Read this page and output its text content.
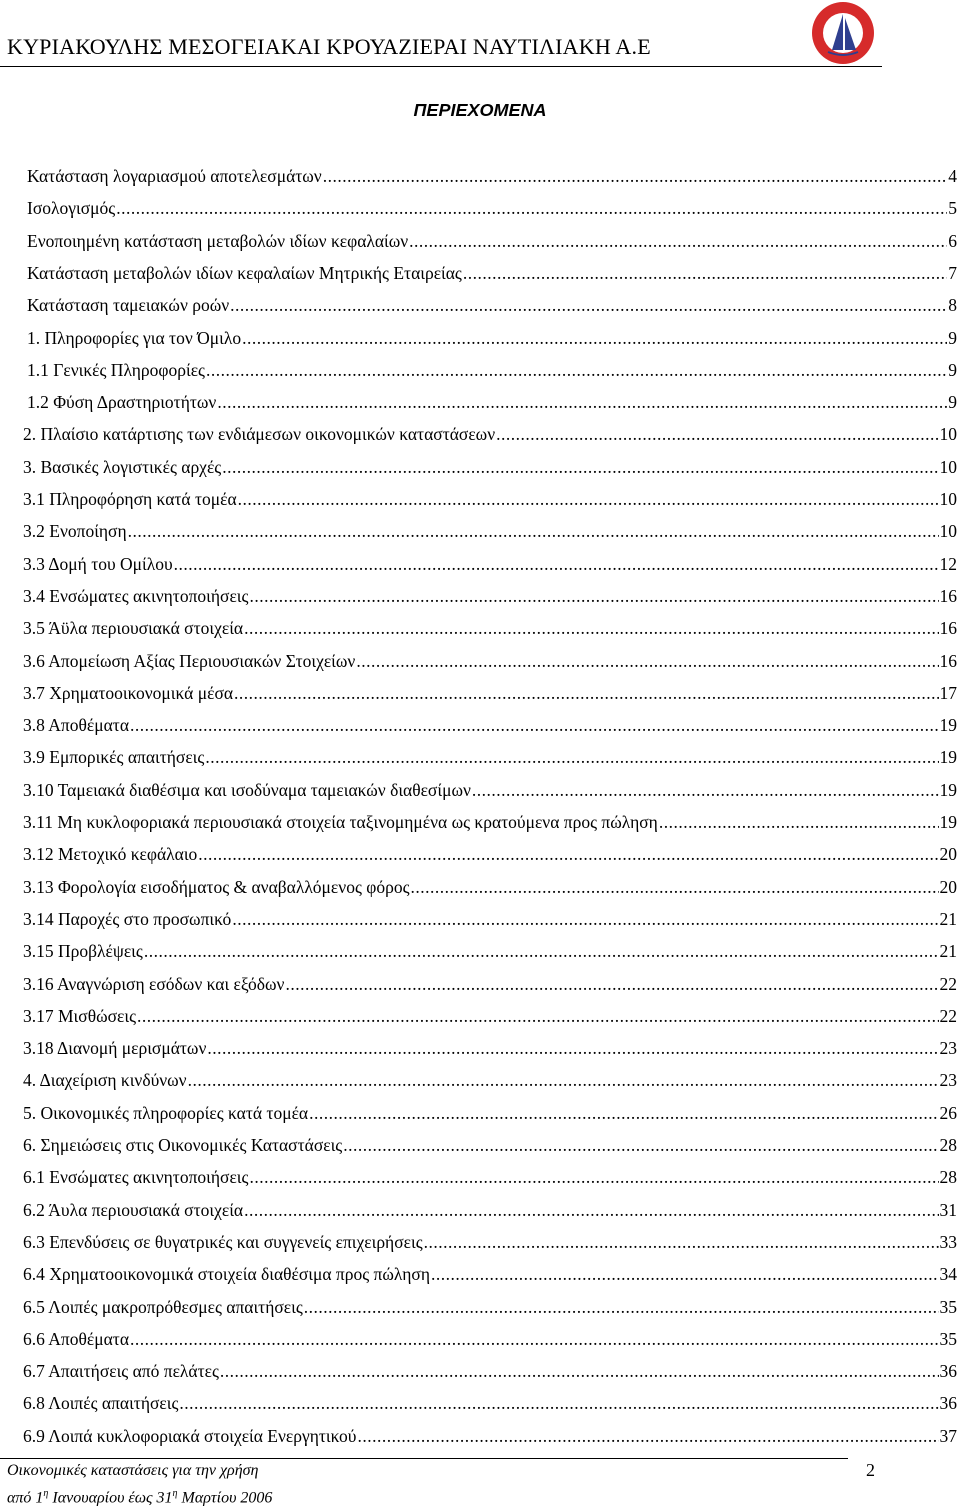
ΚΥΡΙΑΚΟΥΛΗΣ ΜΕΣΟΓΕΙΑΚΑΙ ΚΡΟΥΑΖΙΕΡΑΙ ΝΑΥΤΙΛΙΑΚΗ Α.Ε
ΠΕΡΙΕΧΟΜΕΝΑ
Κατάσταση λογαριασμού αποτελεσμάτων .....	4
Ισολογισμός .....	5
Ενοποιημένη κατάσταση μεταβολών ιδίων κεφαλαίων .....	6
Κατάσταση μεταβολών ιδίων κεφαλαίων Μητρικής Εταιρείας .....	7
Κατάσταση ταμειακών ροών .....	8
1. Πληροφορίες για τον Όμιλο .....	9
1.1 Γενικές Πληροφορίες .....	9
1.2 Φύση Δραστηριοτήτων .....	9
2. Πλαίσιο κατάρτισης των ενδιάμεσων οικονομικών καταστάσεων .....	10
3. Βασικές λογιστικές αρχές .....	10
3.1 Πληροφόρηση κατά τομέα .....	10
3.2 Ενοποίηση .....	10
3.3 Δομή του Ομίλου .....	12
3.4 Ενσώματες ακινητοποιήσεις .....	16
3.5 Άϋλα περιουσιακά στοιχεία .....	16
3.6 Απομείωση Αξίας Περιουσιακών Στοιχείων .....	16
3.7 Χρηματοοικονομικά μέσα .....	17
3.8 Αποθέματα .....	19
3.9 Εμπορικές απαιτήσεις .....	19
3.10 Ταμειακά διαθέσιμα και ισοδύναμα ταμειακών διαθεσίμων .....	19
3.11 Μη κυκλοφοριακά περιουσιακά στοιχεία ταξινομημένα ως κρατούμενα προς πώληση .....	19
3.12 Μετοχικό κεφάλαιο .....	20
3.13 Φορολογία εισοδήματος & αναβαλλόμενος φόρος .....	20
3.14 Παροχές στο προσωπικό .....	21
3.15 Προβλέψεις .....	21
3.16 Αναγνώριση εσόδων και εξόδων .....	22
3.17 Μισθώσεις .....	22
3.18 Διανομή μερισμάτων .....	23
4. Διαχείριση κινδύνων .....	23
5. Οικονομικές πληροφορίες κατά τομέα .....	26
6. Σημειώσεις στις Οικονομικές Καταστάσεις .....	28
6.1 Ενσώματες ακινητοποιήσεις .....	28
6.2 Άυλα περιουσιακά στοιχεία .....	31
6.3 Επενδύσεις σε θυγατρικές και συγγενείς επιχειρήσεις .....	33
6.4 Χρηματοοικονομικά στοιχεία διαθέσιμα προς πώληση .....	34
6.5 Λοιπές μακροπρόθεσμες απαιτήσεις .....	35
6.6 Αποθέματα .....	35
6.7 Απαιτήσεις από πελάτες .....	36
6.8 Λοιπές απαιτήσεις .....	36
6.9 Λοιπά κυκλοφοριακά στοιχεία Ενεργητικού .....	37
Οικονομικές καταστάσεις για την χρήση
από $1^\eta$ Ιανουαρίου έως $31^\eta$ Μαρτίου 2006
2
